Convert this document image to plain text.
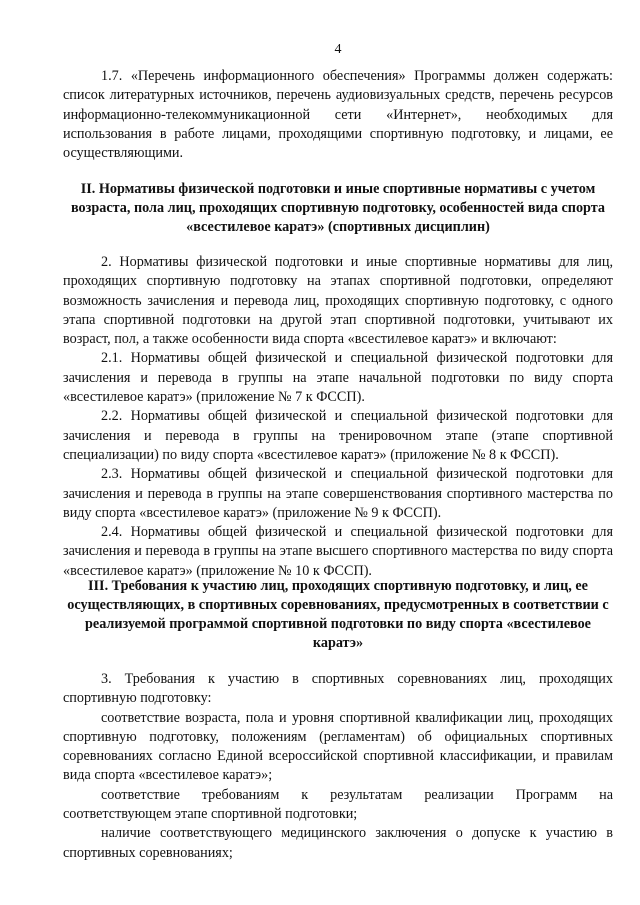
4

1.7. «Перечень информационного обеспечения» Программы должен содержать: список литературных источников, перечень аудиовизуальных средств, перечень ресурсов информационно-телекоммуникационной сети «Интернет», необходимых для использования в работе лицами, проходящими спортивную подготовку, и лицами, ее осуществляющими.

II. Нормативы физической подготовки и иные спортивные нормативы с учетом возраста, пола лиц, проходящих спортивную подготовку, особенностей вида спорта «всестилевое каратэ» (спортивных дисциплин)

2. Нормативы физической подготовки и иные спортивные нормативы для лиц, проходящих спортивную подготовку на этапах спортивной подготовки, определяют возможность зачисления и перевода лиц, проходящих спортивную подготовку, с одного этапа спортивной подготовки на другой этап спортивной подготовки, учитывают их возраст, пол, а также особенности вида спорта «всестилевое каратэ» и включают:

2.1. Нормативы общей физической и специальной физической подготовки для зачисления и перевода в группы на этапе начальной подготовки по виду спорта «всестилевое каратэ» (приложение № 7 к ФССП).

2.2. Нормативы общей физической и специальной физической подготовки для зачисления и перевода в группы на тренировочном этапе (этапе спортивной специализации) по виду спорта «всестилевое каратэ» (приложение № 8 к ФССП).

2.3. Нормативы общей физической и специальной физической подготовки для зачисления и перевода в группы на этапе совершенствования спортивного мастерства по виду спорта «всестилевое каратэ» (приложение № 9 к ФССП).

2.4. Нормативы общей физической и специальной физической подготовки для зачисления и перевода в группы на этапе высшего спортивного мастерства по виду спорта «всестилевое каратэ» (приложение № 10 к ФССП).

III. Требования к участию лиц, проходящих спортивную подготовку, и лиц, ее осуществляющих, в спортивных соревнованиях, предусмотренных в соответствии с реализуемой программой спортивной подготовки по виду спорта «всестилевое каратэ»

3. Требования к участию в спортивных соревнованиях лиц, проходящих спортивную подготовку:

соответствие возраста, пола и уровня спортивной квалификации лиц, проходящих спортивную подготовку, положениям (регламентам) об официальных спортивных соревнованиях согласно Единой всероссийской спортивной классификации, и правилам вида спорта «всестилевое каратэ»;

соответствие требованиям к результатам реализации Программ на соответствующем этапе спортивной подготовки;

наличие соответствующего медицинского заключения о допуске к участию в спортивных соревнованиях;
